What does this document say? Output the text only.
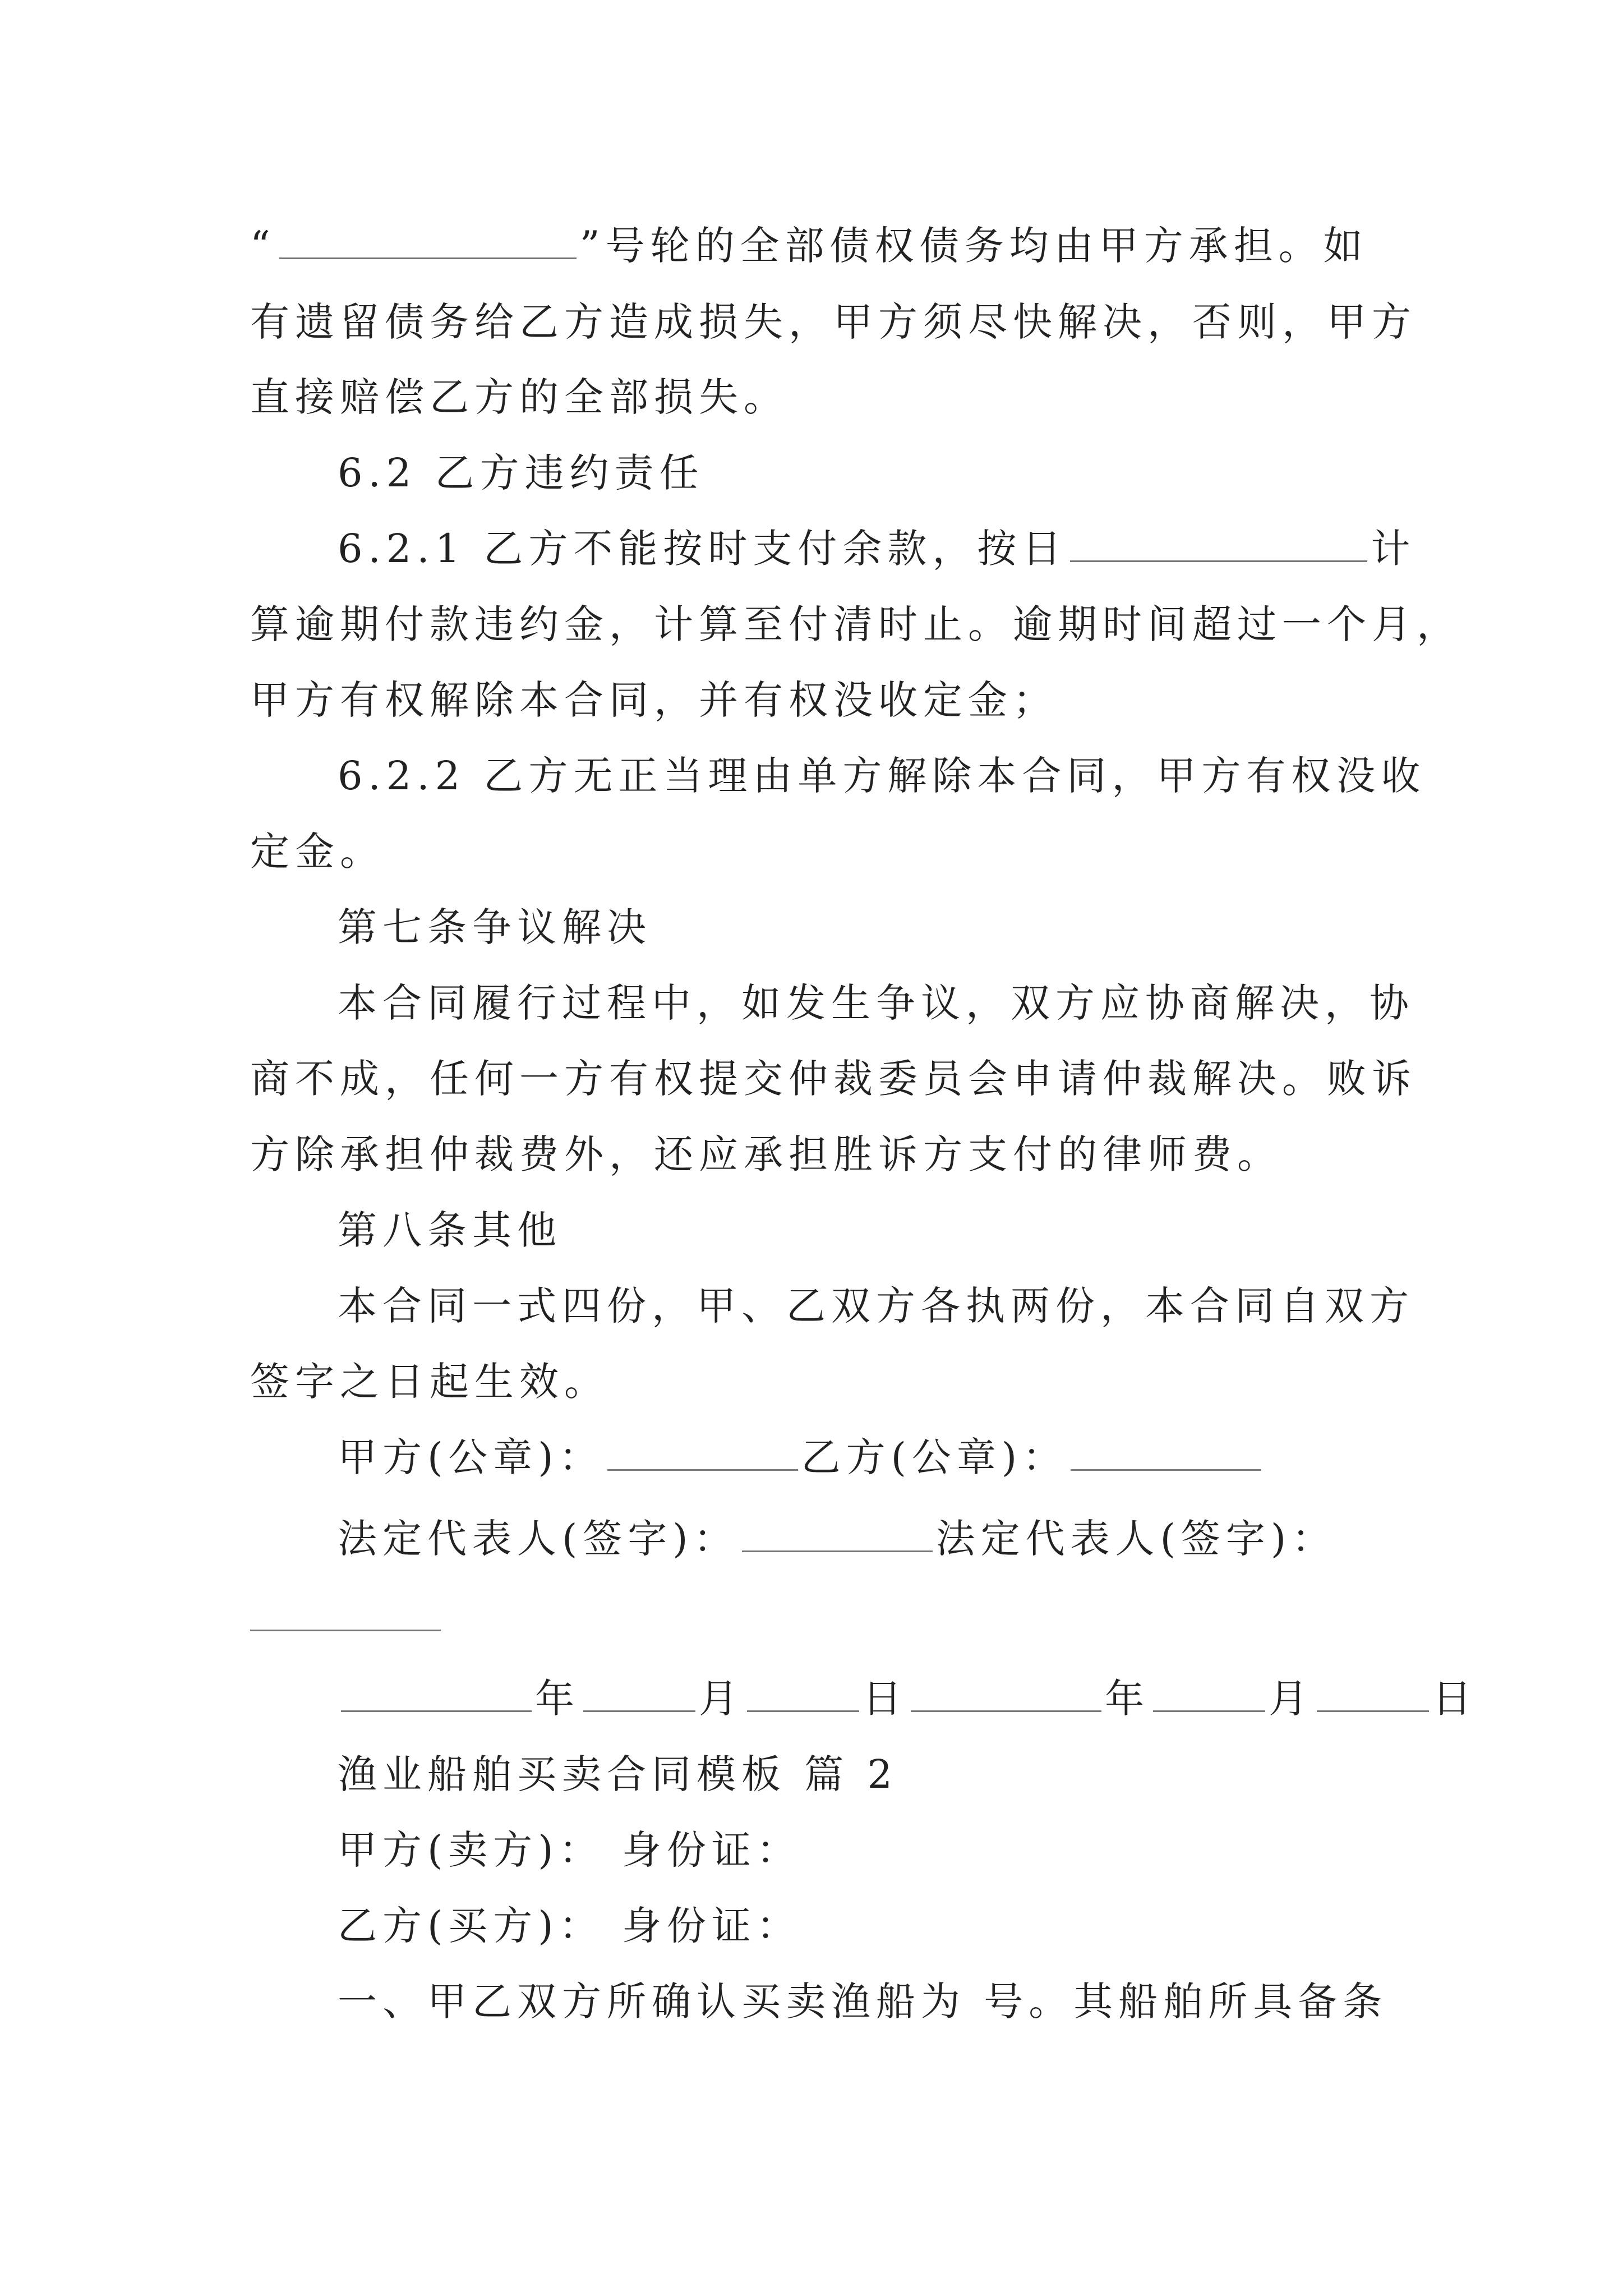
“	”号轮的全部债权债务均由甲方承担。如
有遗留债务给乙方造成损失，甲方须尽快解决，否则，甲方
直接赔偿乙方的全部损失。
6.2 乙方违约责任
6.2.1 乙方不能按时支付余款，按日	计
算逾期付款违约金，计算至付清时止。逾期时间超过一个月，
甲方有权解除本合同，并有权没收定金；
6.2.2 乙方无正当理由单方解除本合同，甲方有权没收
定金。
第七条争议解决
本合同履行过程中，如发生争议，双方应协商解决，协
商不成，任何一方有权提交仲裁委员会申请仲裁解决。败诉
方除承担仲裁费外，还应承担胜诉方支付的律师费。
第八条其他
本合同一式四份，甲、乙双方各执两份，本合同自双方
签字之日起生效。
甲方(公章)：	乙方(公章)：
法定代表人(签字)：	法定代表人(签字)：
年	月	日	年	月	日
渔业船舶买卖合同模板 篇 2
甲方(卖方)： 身份证：
乙方(买方)： 身份证：
一、甲乙双方所确认买卖渔船为 号。其船舶所具备条
